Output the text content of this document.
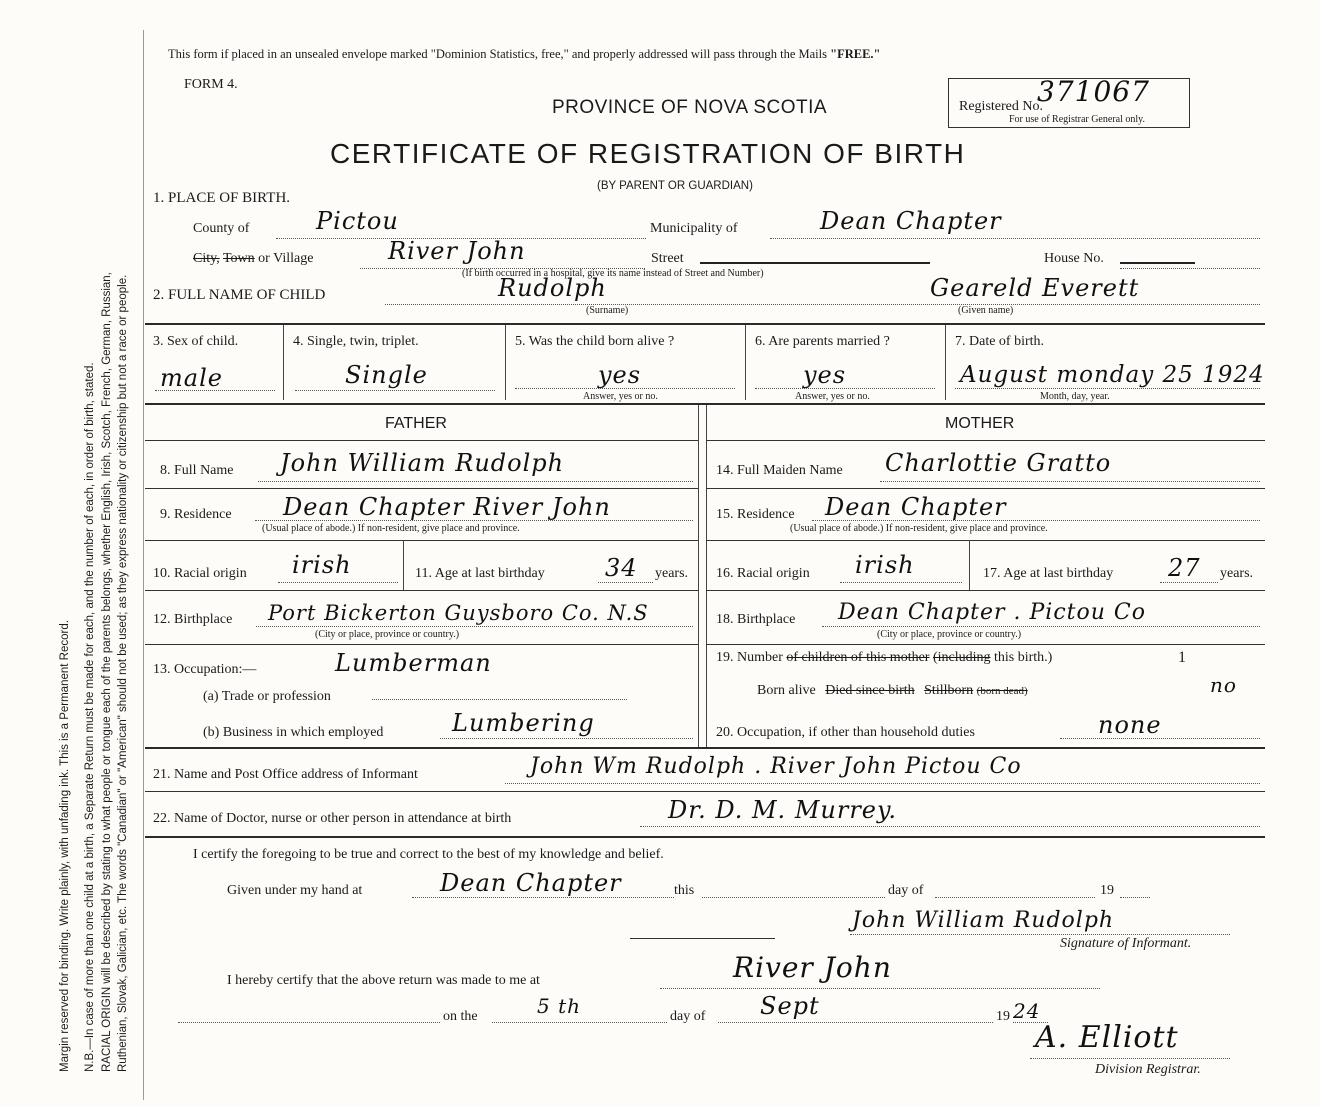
Margin reserved for binding. Write plainly, with unfading ink. This is a Permanent Record. N.B.—In case of more than one child at a birth, a Separate Return must be made for each, and the number of each, in order of birth, stated. RACIAL ORIGIN will be described by stating to what people or tongue each of the parents belongs, whether English, Irish, Scotch, French, German, Russian, Ruthenian, Slovak, Galician, etc. The words "Canadian" or "American" should not be used; as they express nationality or citizenship but not a race or people.
This form if placed in an unsealed envelope marked "Dominion Statistics, free," and properly addressed will pass through the Mails "FREE."
FORM 4.
PROVINCE OF NOVA SCOTIA
CERTIFICATE OF REGISTRATION OF BIRTH
(BY PARENT OR GUARDIAN)
Registered No.
371067
For use of Registrar General only.
1. PLACE OF BIRTH.
County of	Pictou	Municipality of	Dean Chapter
City, Town or Village	River John	Street	House No.
(If birth occurred in a hospital, give its name instead of Street and Number)
2. FULL NAME OF CHILD	Rudolph
(Surname)
Geareld Everett
(Given name)
3. Sex of child.
male
4. Single, twin, triplet.
Single
5. Was the child born alive ?
yes
Answer, yes or no.
6. Are parents married ?
yes
Answer, yes or no.
7. Date of birth.
August monday 25 1924
Month, day, year.
FATHER	MOTHER
8. Full Name John William Rudolph
9. Residence Dean Chapter River John
(Usual place of abode.) If non-resident, give place and province.
10. Racial origin irish	11. Age at last birthday	34 years.
12. Birthplace Port Bickerton Guysboro Co. N.S
(City or place, province or country.)
13. Occupation:—	Lumberman
(a) Trade or profession
(b) Business in which employed	Lumbering
14. Full Maiden Name Charlottie Gratto
15. Residence Dean Chapter
(Usual place of abode.) If non-resident, give place and province.
16. Racial origin irish	17. Age at last birthday 27 years.
18. Birthplace Dean Chapter . Pictou Co
(City or place, province or country.)
19. Number of children of this mother (including this birth.)	1
Born alive Died since birth Stillborn (born dead)	no
20. Occupation, if other than household duties	none
21. Name and Post Office address of Informant	John Wm Rudolph . River John Pictou Co
22. Name of Doctor, nurse or other person in attendance at birth	Dr. D. M. Murrey.
I certify the foregoing to be true and correct to the best of my knowledge and belief.
Given under my hand at	Dean Chapter	this	day of	19
John William Rudolph
Signature of Informant.
I hereby certify that the above return was made to me at	River John
on the	5 th	day of Sept	19 24
A. Elliott
Division Registrar.
